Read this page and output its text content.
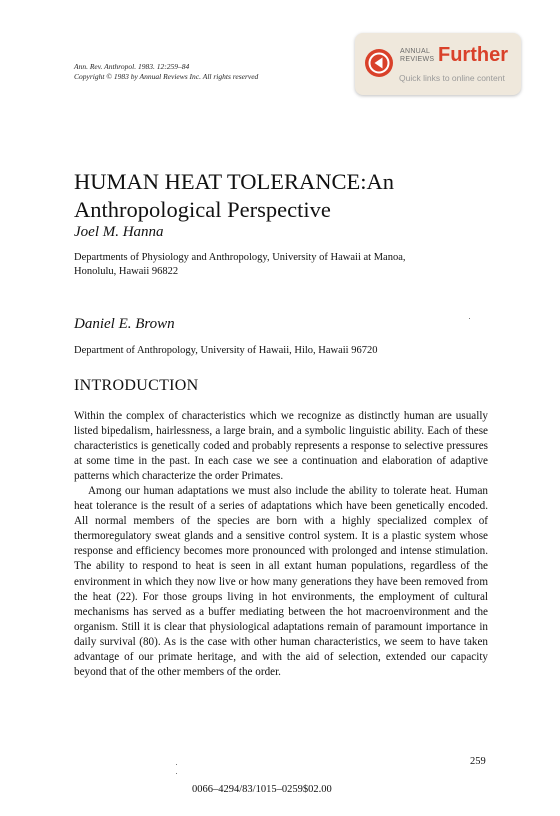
Ann. Rev. Anthropol. 1983. 12:259–84
Copyright © 1983 by Annual Reviews Inc. All rights reserved
ANNUAL
REVIEWS Further
Quick links to online content
HUMAN HEAT TOLERANCE:An
Anthropological Perspective
Joel M. Hanna
Departments of Physiology and Anthropology, University of Hawaii at Manoa,
Honolulu, Hawaii 96822
Daniel E. Brown
Department of Anthropology, University of Hawaii, Hilo, Hawaii 96720
INTRODUCTION

Within the complex of characteristics which we recognize as distinctly human are usually listed bipedalism, hairlessness, a large brain, and a symbolic linguistic ability. Each of these characteristics is genetically coded and probably represents a response to selective pressures at some time in the past. In each case we see a continuation and elaboration of adaptive patterns which characterize the order Primates.

Among our human adaptations we must also include the ability to tolerate heat. Human heat tolerance is the result of a series of adaptations which have been genetically encoded. All normal members of the species are born with a highly specialized complex of thermoregulatory sweat glands and a sensitive control system. It is a plastic system whose response and efficiency becomes more pronounced with prolonged and intense stimulation. The ability to respond to heat is seen in all extant human populations, regardless of the environment in which they now live or how many generations they have been removed from the heat (22). For those groups living in hot environments, the employment of cultural mechanisms has served as a buffer mediating between the hot macroenvironment and the organism. Still it is clear that physiological adaptations remain of paramount importance in daily survival (80). As is the case with other human characteristics, we seem to have taken advantage of our primate heritage, and with the aid of selection, extended our capacity beyond that of the other members of the order.

259
0066–4294/83/1015–0259$02.00
